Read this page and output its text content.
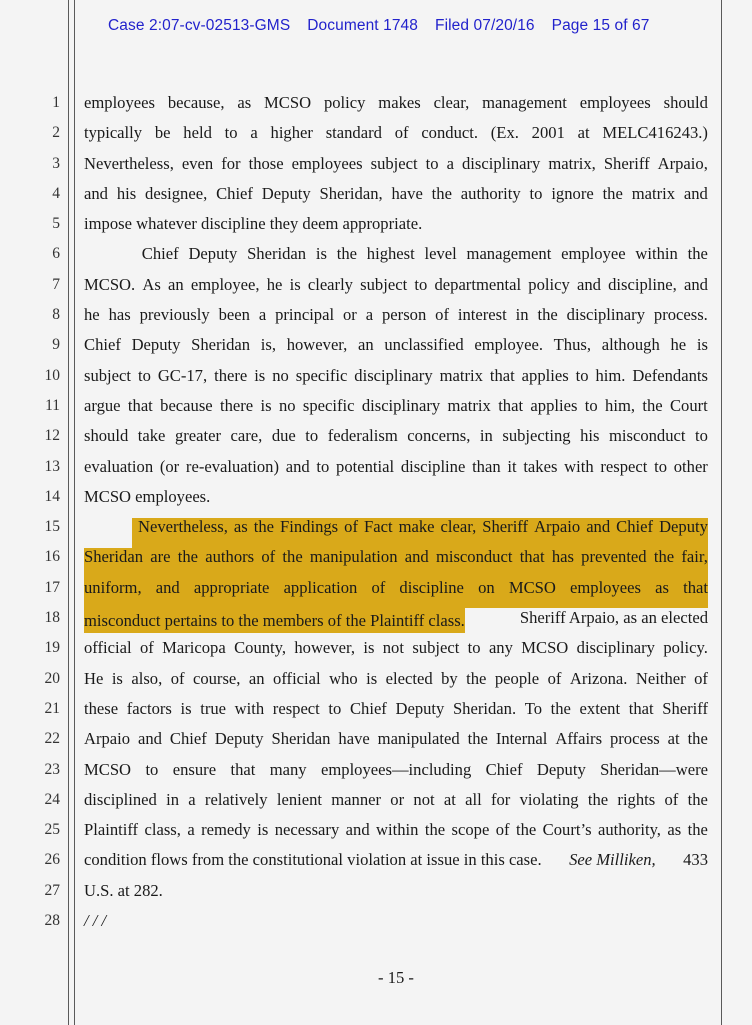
Case 2:07-cv-02513-GMS Document 1748 Filed 07/20/16 Page 15 of 67
1 employees because, as MCSO policy makes clear, management employees should
2 typically be held to a higher standard of conduct. (Ex. 2001 at MELC416243.)
3 Nevertheless, even for those employees subject to a disciplinary matrix, Sheriff Arpaio,
4 and his designee, Chief Deputy Sheridan, have the authority to ignore the matrix and
5 impose whatever discipline they deem appropriate.
6	Chief Deputy Sheridan is the highest level management employee within the
7 MCSO. As an employee, he is clearly subject to departmental policy and discipline, and
8 he has previously been a principal or a person of interest in the disciplinary process.
9 Chief Deputy Sheridan is, however, an unclassified employee. Thus, although he is
10 subject to GC-17, there is no specific disciplinary matrix that applies to him. Defendants
11 argue that because there is no specific disciplinary matrix that applies to him, the Court
12 should take greater care, due to federalism concerns, in subjecting his misconduct to
13 evaluation (or re-evaluation) and to potential discipline than it takes with respect to other
14 MCSO employees.
15	Nevertheless, as the Findings of Fact make clear, Sheriff Arpaio and Chief Deputy
16 Sheridan are the authors of the manipulation and misconduct that has prevented the fair,
17 uniform, and appropriate application of discipline on MCSO employees as that
18 misconduct pertains to the members of the Plaintiff class.	Sheriff Arpaio, as an elected
19 official of Maricopa County, however, is not subject to any MCSO disciplinary policy.
20 He is also, of course, an official who is elected by the people of Arizona. Neither of
21 these factors is true with respect to Chief Deputy Sheridan. To the extent that Sheriff
22 Arpaio and Chief Deputy Sheridan have manipulated the Internal Affairs process at the
23 MCSO to ensure that many employees—including Chief Deputy Sheridan—were
24 disciplined in a relatively lenient manner or not at all for violating the rights of the
25 Plaintiff class, a remedy is necessary and within the scope of the Court’s authority, as the
26 condition flows from the constitutional violation at issue in this case. See Milliken, 433
27 U.S. at 282.
28 / / /
- 15 -
